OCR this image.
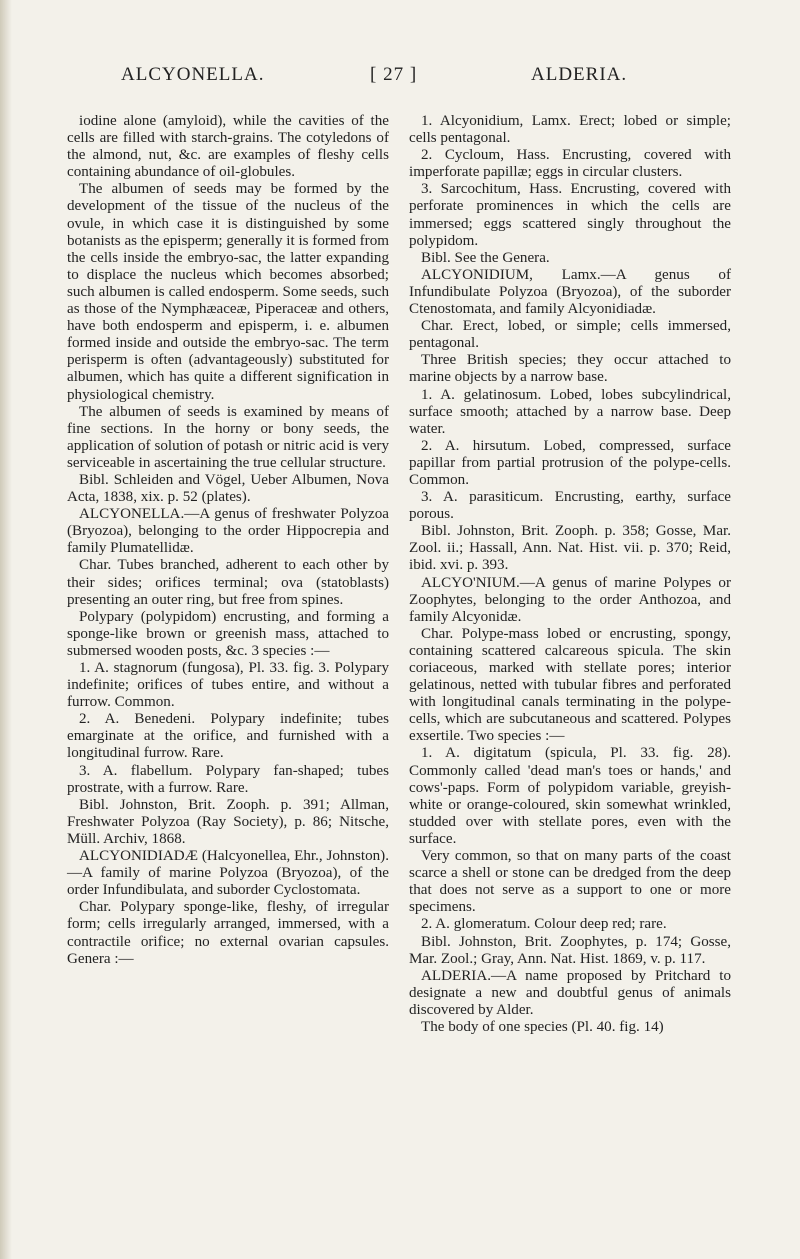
ALCYONELLA.	[ 27 ]	ALDERIA.

iodine alone (amyloid), while the cavities of the cells are filled with starch-grains. The cotyledons of the almond, nut, &c. are examples of fleshy cells containing abundance of oil-globules.

The albumen of seeds may be formed by the development of the tissue of the nucleus of the ovule, in which case it is distinguished by some botanists as the episperm; generally it is formed from the cells inside the embryo-sac, the latter expanding to displace the nucleus which becomes absorbed; such albumen is called endosperm. Some seeds, such as those of the Nymphæaceæ, Piperaceæ and others, have both endosperm and episperm, i. e. albumen formed inside and outside the embryo-sac. The term perisperm is often (advantageously) substituted for albumen, which has quite a different signification in physiological chemistry.

The albumen of seeds is examined by means of fine sections. In the horny or bony seeds, the application of solution of potash or nitric acid is very serviceable in ascertaining the true cellular structure.

Bibl. Schleiden and Vögel, Ueber Albumen, Nova Acta, 1838, xix. p. 52 (plates).

ALCYONELLA.—A genus of freshwater Polyzoa (Bryozoa), belonging to the order Hippocrepia and family Plumatellidæ.

Char. Tubes branched, adherent to each other by their sides; orifices terminal; ova (statoblasts) presenting an outer ring, but free from spines.

Polypary (polypidom) encrusting, and forming a sponge-like brown or greenish mass, attached to submersed wooden posts, &c. 3 species :—

1. A. stagnorum (fungosa), Pl. 33. fig. 3. Polypary indefinite; orifices of tubes entire, and without a furrow. Common.

2. A. Benedeni. Polypary indefinite; tubes emarginate at the orifice, and furnished with a longitudinal furrow. Rare.

3. A. flabellum. Polypary fan-shaped; tubes prostrate, with a furrow. Rare.

Bibl. Johnston, Brit. Zooph. p. 391; Allman, Freshwater Polyzoa (Ray Society), p. 86; Nitsche, Müll. Archiv, 1868.

ALCYONIDIADÆ (Halcyonellea, Ehr., Johnston).—A family of marine Polyzoa (Bryozoa), of the order Infundibulata, and suborder Cyclostomata.

Char. Polypary sponge-like, fleshy, of irregular form; cells irregularly arranged, immersed, with a contractile orifice; no external ovarian capsules. Genera :—

1. Alcyonidium, Lamx. Erect; lobed or simple; cells pentagonal.

2. Cycloum, Hass. Encrusting, covered with imperforate papillæ; eggs in circular clusters.

3. Sarcochitum, Hass. Encrusting, covered with perforate prominences in which the cells are immersed; eggs scattered singly throughout the polypidom.

Bibl. See the Genera.

ALCYONIDIUM, Lamx.—A genus of Infundibulate Polyzoa (Bryozoa), of the suborder Ctenostomata, and family Alcyonidiadæ.

Char. Erect, lobed, or simple; cells immersed, pentagonal.

Three British species; they occur attached to marine objects by a narrow base.

1. A. gelatinosum. Lobed, lobes subcylindrical, surface smooth; attached by a narrow base. Deep water.

2. A. hirsutum. Lobed, compressed, surface papillar from partial protrusion of the polype-cells. Common.

3. A. parasiticum. Encrusting, earthy, surface porous.

Bibl. Johnston, Brit. Zooph. p. 358; Gosse, Mar. Zool. ii.; Hassall, Ann. Nat. Hist. vii. p. 370; Reid, ibid. xvi. p. 393.

ALCYO'NIUM.—A genus of marine Polypes or Zoophytes, belonging to the order Anthozoa, and family Alcyonidæ.

Char. Polype-mass lobed or encrusting, spongy, containing scattered calcareous spicula. The skin coriaceous, marked with stellate pores; interior gelatinous, netted with tubular fibres and perforated with longitudinal canals terminating in the polype-cells, which are subcutaneous and scattered. Polypes exsertile. Two species :—

1. A. digitatum (spicula, Pl. 33. fig. 28). Commonly called 'dead man's toes or hands,' and cows'-paps. Form of polypidom variable, greyish-white or orange-coloured, skin somewhat wrinkled, studded over with stellate pores, even with the surface.

Very common, so that on many parts of the coast scarce a shell or stone can be dredged from the deep that does not serve as a support to one or more specimens.

2. A. glomeratum. Colour deep red; rare.

Bibl. Johnston, Brit. Zoophytes, p. 174; Gosse, Mar. Zool.; Gray, Ann. Nat. Hist. 1869, v. p. 117.

ALDERIA.—A name proposed by Pritchard to designate a new and doubtful genus of animals discovered by Alder.

The body of one species (Pl. 40. fig. 14)
